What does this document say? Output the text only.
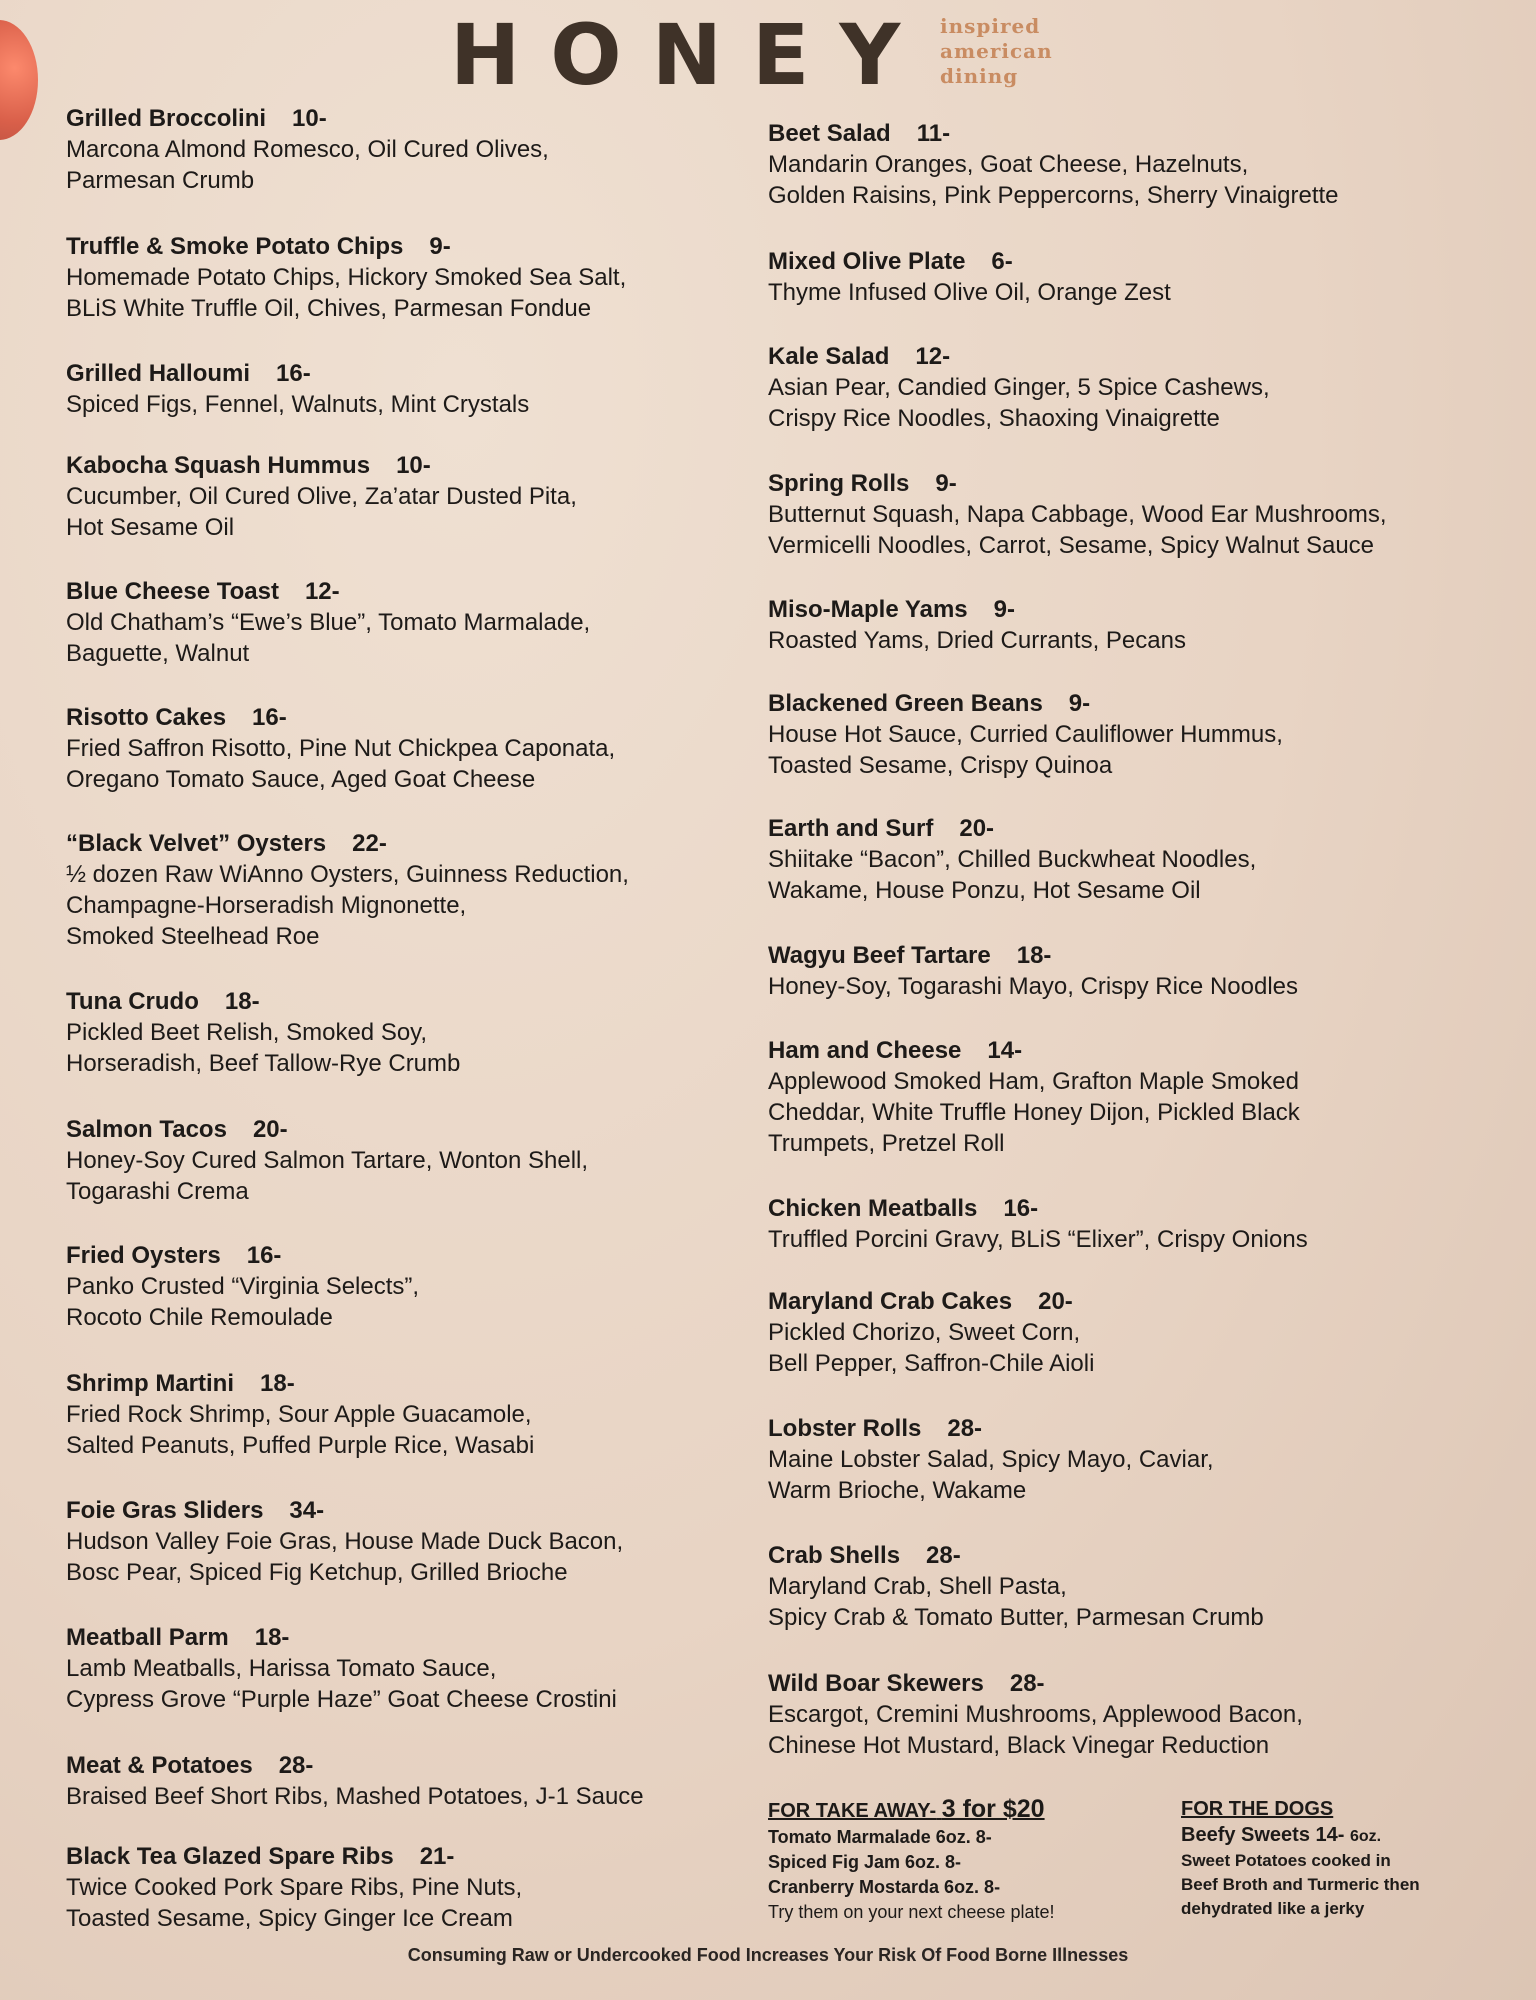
HONEY inspired
american
dining
Grilled Broccolini 10-
Marcona Almond Romesco, Oil Cured Olives,
Parmesan Crumb
Truffle & Smoke Potato Chips 9-
Homemade Potato Chips, Hickory Smoked Sea Salt,
BLiS White Truffle Oil, Chives, Parmesan Fondue
Grilled Halloumi 16-
Spiced Figs, Fennel, Walnuts, Mint Crystals
Kabocha Squash Hummus 10-
Cucumber, Oil Cured Olive, Za’atar Dusted Pita,
Hot Sesame Oil
Blue Cheese Toast 12-
Old Chatham’s “Ewe’s Blue”, Tomato Marmalade,
Baguette, Walnut
Risotto Cakes 16-
Fried Saffron Risotto, Pine Nut Chickpea Caponata,
Oregano Tomato Sauce, Aged Goat Cheese
“Black Velvet” Oysters 22-
½ dozen Raw WiAnno Oysters, Guinness Reduction,
Champagne-Horseradish Mignonette,
Smoked Steelhead Roe
Tuna Crudo 18-
Pickled Beet Relish, Smoked Soy,
Horseradish, Beef Tallow-Rye Crumb
Salmon Tacos 20-
Honey-Soy Cured Salmon Tartare, Wonton Shell,
Togarashi Crema
Fried Oysters 16-
Panko Crusted “Virginia Selects”,
Rocoto Chile Remoulade
Shrimp Martini 18-
Fried Rock Shrimp, Sour Apple Guacamole,
Salted Peanuts, Puffed Purple Rice, Wasabi
Foie Gras Sliders 34-
Hudson Valley Foie Gras, House Made Duck Bacon,
Bosc Pear, Spiced Fig Ketchup, Grilled Brioche
Meatball Parm 18-
Lamb Meatballs, Harissa Tomato Sauce,
Cypress Grove “Purple Haze” Goat Cheese Crostini
Meat & Potatoes 28-
Braised Beef Short Ribs, Mashed Potatoes, J-1 Sauce
Black Tea Glazed Spare Ribs 21-
Twice Cooked Pork Spare Ribs, Pine Nuts,
Toasted Sesame, Spicy Ginger Ice Cream
Beet Salad 11-
Mandarin Oranges, Goat Cheese, Hazelnuts,
Golden Raisins, Pink Peppercorns, Sherry Vinaigrette
Mixed Olive Plate 6-
Thyme Infused Olive Oil, Orange Zest
Kale Salad 12-
Asian Pear, Candied Ginger, 5 Spice Cashews,
Crispy Rice Noodles, Shaoxing Vinaigrette
Spring Rolls 9-
Butternut Squash, Napa Cabbage, Wood Ear Mushrooms,
Vermicelli Noodles, Carrot, Sesame, Spicy Walnut Sauce
Miso-Maple Yams 9-
Roasted Yams, Dried Currants, Pecans
Blackened Green Beans 9-
House Hot Sauce, Curried Cauliflower Hummus,
Toasted Sesame, Crispy Quinoa
Earth and Surf 20-
Shiitake “Bacon”, Chilled Buckwheat Noodles,
Wakame, House Ponzu, Hot Sesame Oil
Wagyu Beef Tartare 18-
Honey-Soy, Togarashi Mayo, Crispy Rice Noodles
Ham and Cheese 14-
Applewood Smoked Ham, Grafton Maple Smoked
Cheddar, White Truffle Honey Dijon, Pickled Black
Trumpets, Pretzel Roll
Chicken Meatballs 16-
Truffled Porcini Gravy, BLiS “Elixer”, Crispy Onions
Maryland Crab Cakes 20-
Pickled Chorizo, Sweet Corn,
Bell Pepper, Saffron-Chile Aioli
Lobster Rolls 28-
Maine Lobster Salad, Spicy Mayo, Caviar,
Warm Brioche, Wakame
Crab Shells 28-
Maryland Crab, Shell Pasta,
Spicy Crab & Tomato Butter, Parmesan Crumb
Wild Boar Skewers 28-
Escargot, Cremini Mushrooms, Applewood Bacon,
Chinese Hot Mustard, Black Vinegar Reduction
FOR TAKE AWAY- 3 for $20
Tomato Marmalade 6oz. 8-
Spiced Fig Jam 6oz. 8-
Cranberry Mostarda 6oz. 8-
Try them on your next cheese plate!
FOR THE DOGS
Beefy Sweets 14- 6oz.
Sweet Potatoes cooked in
Beef Broth and Turmeric then
dehydrated like a jerky
Consuming Raw or Undercooked Food Increases Your Risk Of Food Borne Illnesses
